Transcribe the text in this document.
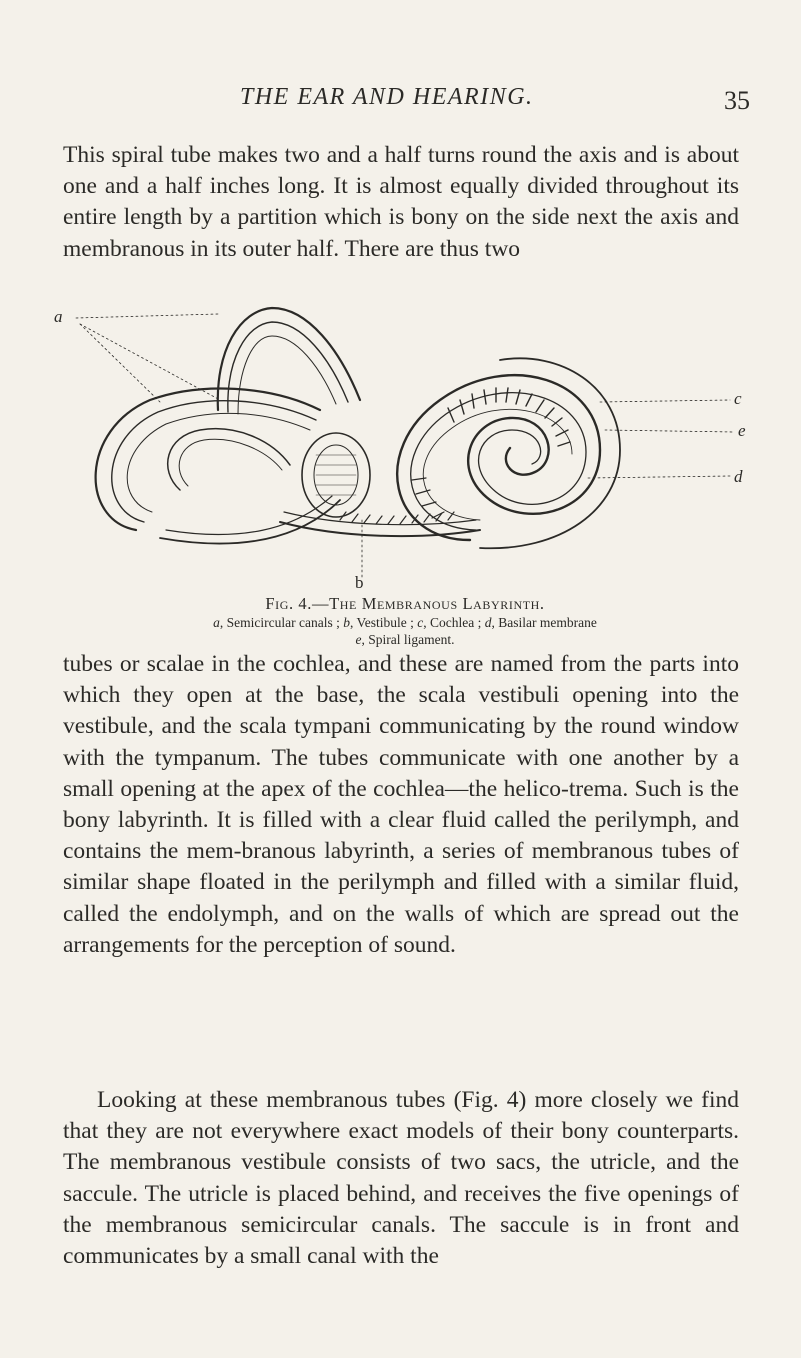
THE EAR AND HEARING.	35

This spiral tube makes two and a half turns round the axis and is about one and a half inches long. It is almost equally divided throughout its entire length by a partition which is bony on the side next the axis and membranous in its outer half. There are thus two

a
b
c
e
d
Fig. 4.—The Membranous Labyrinth.
a, Semicircular canals ; b, Vestibule ; c, Cochlea ; d, Basilar membrane
e, Spiral ligament.

tubes or scalae in the cochlea, and these are named from the parts into which they open at the base, the scala vestibuli opening into the vestibule, and the scala tympani communicating by the round window with the tympanum. The tubes communicate with one another by a small opening at the apex of the cochlea—the helico-trema. Such is the bony labyrinth. It is filled with a clear fluid called the perilymph, and contains the mem-branous labyrinth, a series of membranous tubes of similar shape floated in the perilymph and filled with a similar fluid, called the endolymph, and on the walls of which are spread out the arrangements for the perception of sound.

Looking at these membranous tubes (Fig. 4) more closely we find that they are not everywhere exact models of their bony counterparts. The membranous vestibule consists of two sacs, the utricle, and the saccule. The utricle is placed behind, and receives the five openings of the membranous semicircular canals. The saccule is in front and communicates by a small canal with the
